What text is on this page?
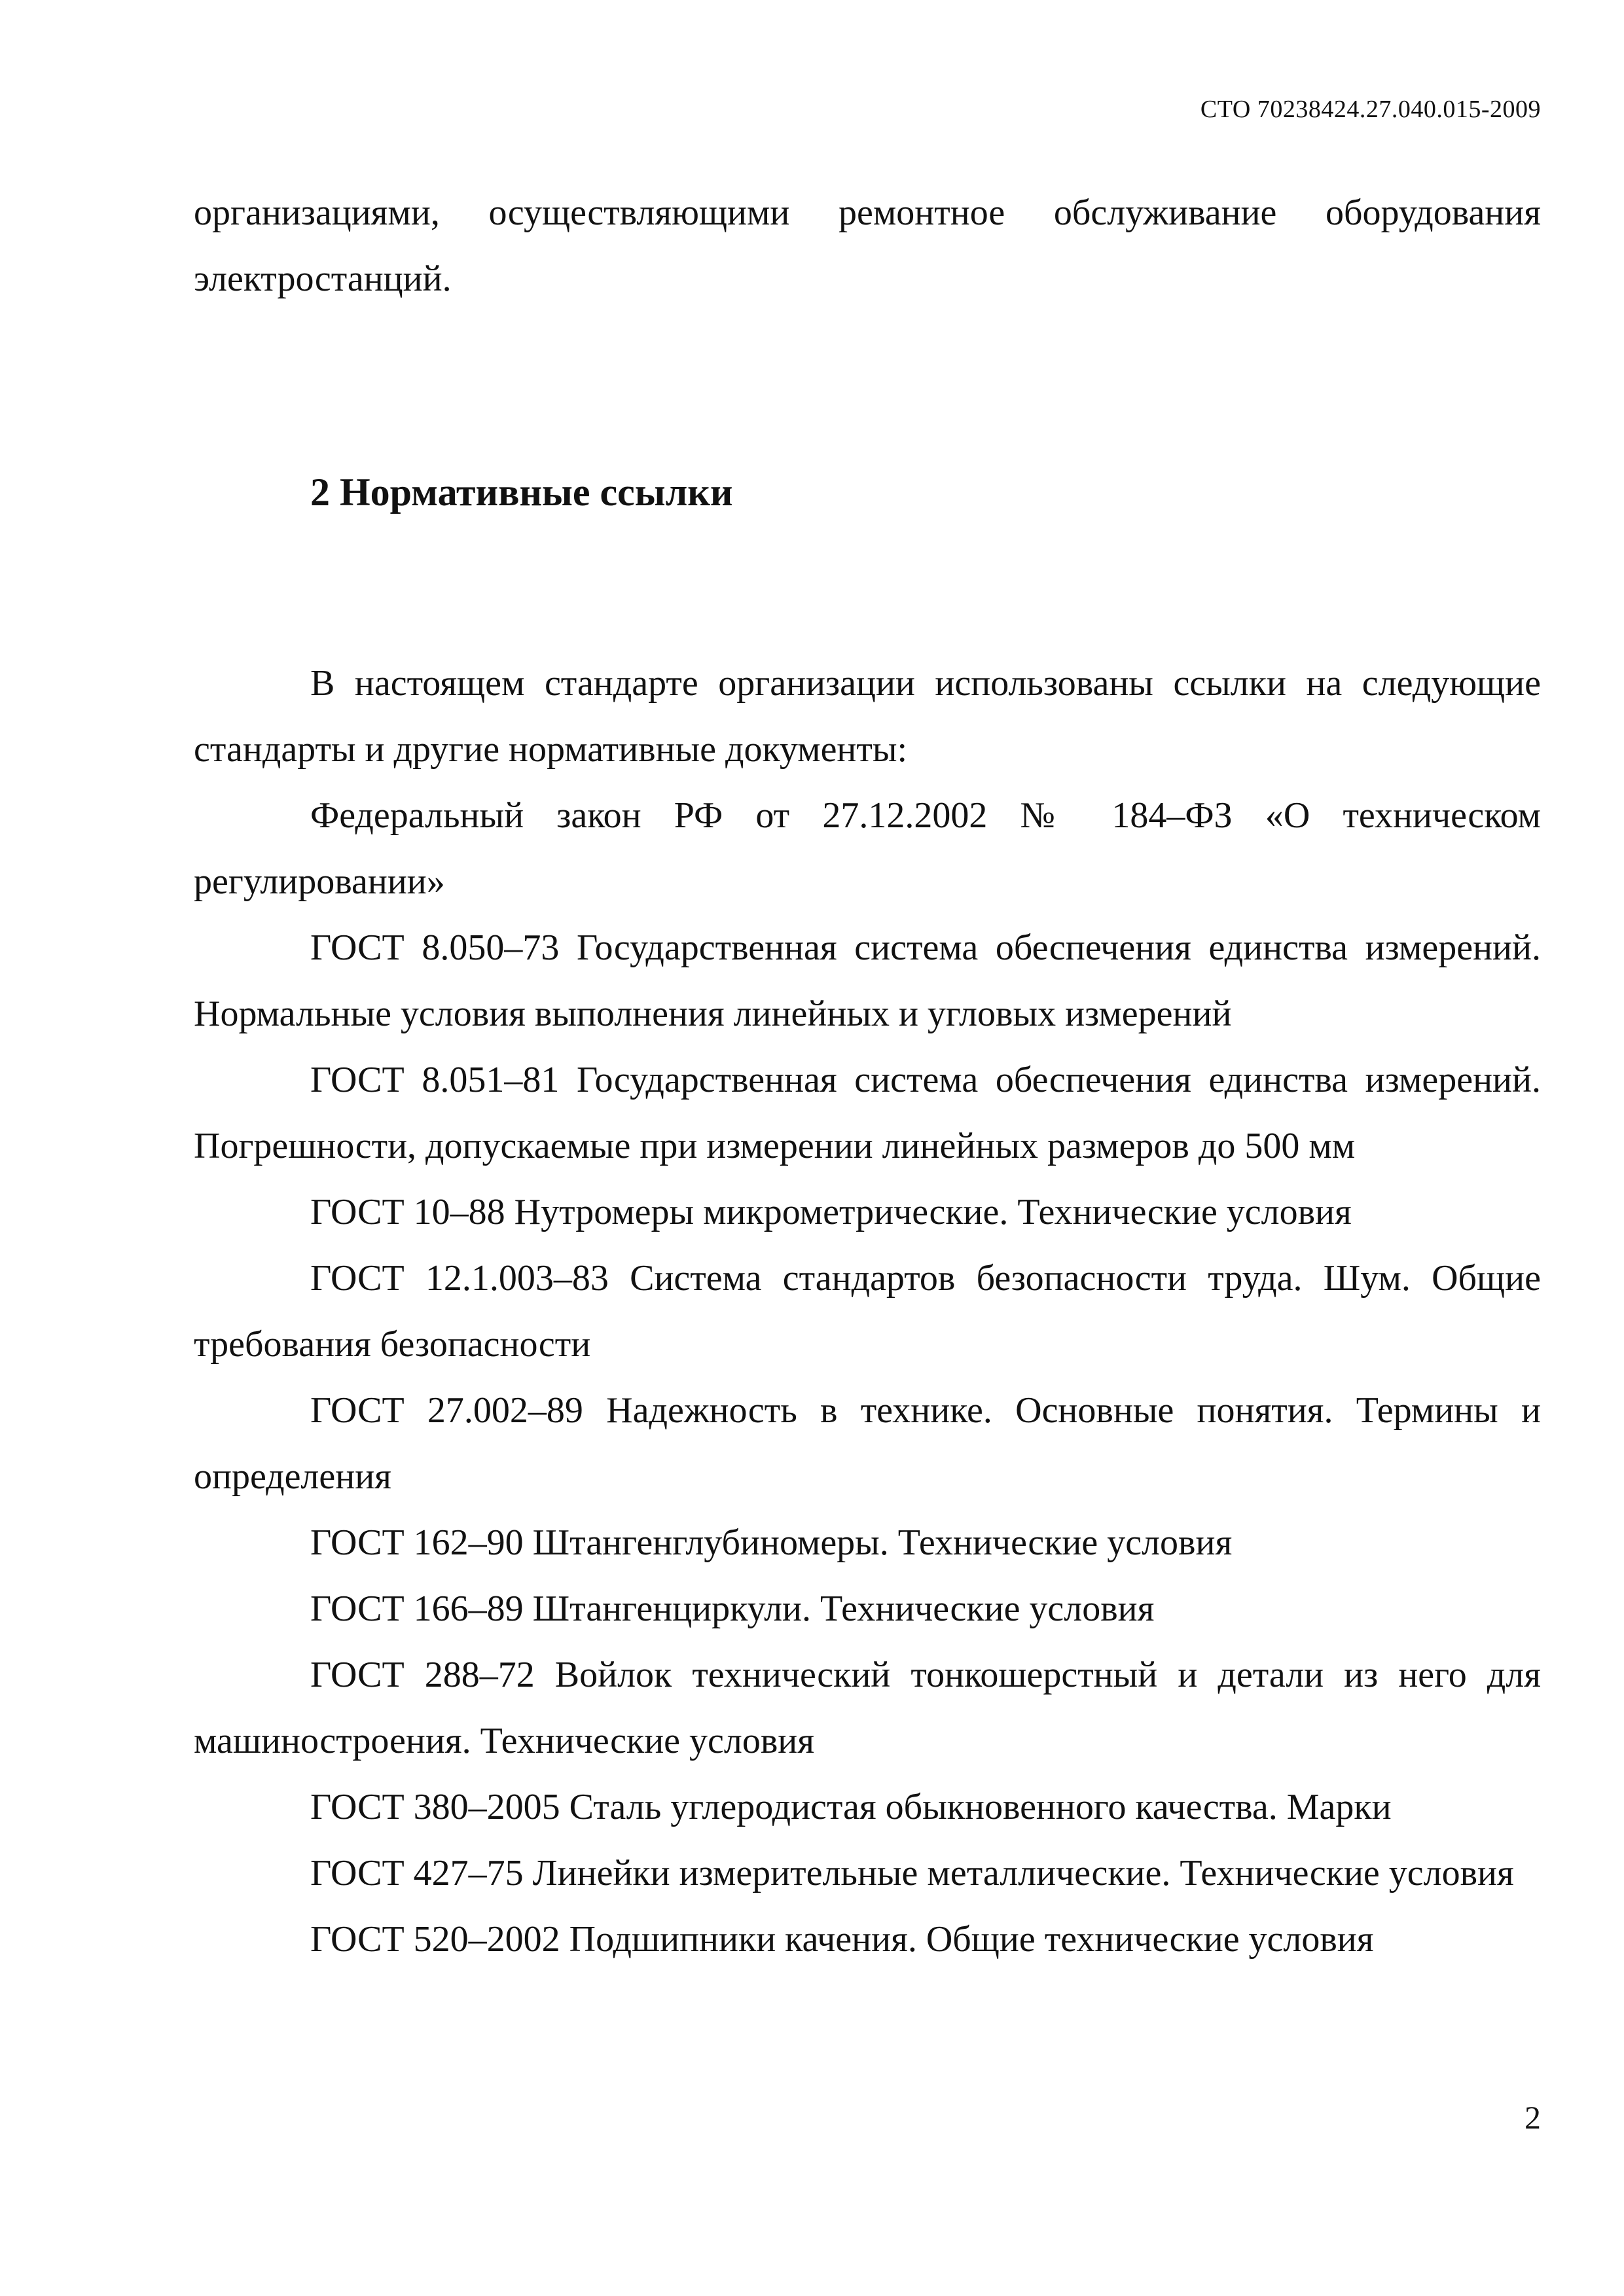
СТО 70238424.27.040.015-2009

организациями, осуществляющими ремонтное обслуживание оборудования электростанций.

2 Нормативные ссылки

В настоящем стандарте организации использованы ссылки на следующие стандарты и другие нормативные документы:

Федеральный закон РФ от 27.12.2002 № 184–ФЗ «О техническом регулировании»

ГОСТ 8.050–73 Государственная система обеспечения единства измерений. Нормальные условия выполнения линейных и угловых измерений

ГОСТ 8.051–81 Государственная система обеспечения единства измерений. Погрешности, допускаемые при измерении линейных размеров до 500 мм

ГОСТ 10–88 Нутромеры микрометрические. Технические условия

ГОСТ 12.1.003–83 Система стандартов безопасности труда. Шум. Общие требования безопасности

ГОСТ 27.002–89 Надежность в технике. Основные понятия. Термины и определения

ГОСТ 162–90 Штангенглубиномеры. Технические условия

ГОСТ 166–89 Штангенциркули. Технические условия

ГОСТ 288–72 Войлок технический тонкошерстный и детали из него для машиностроения. Технические условия

ГОСТ 380–2005 Сталь углеродистая обыкновенного качества. Марки

ГОСТ 427–75 Линейки измерительные металлические. Технические условия

ГОСТ 520–2002 Подшипники качения. Общие технические условия

2
